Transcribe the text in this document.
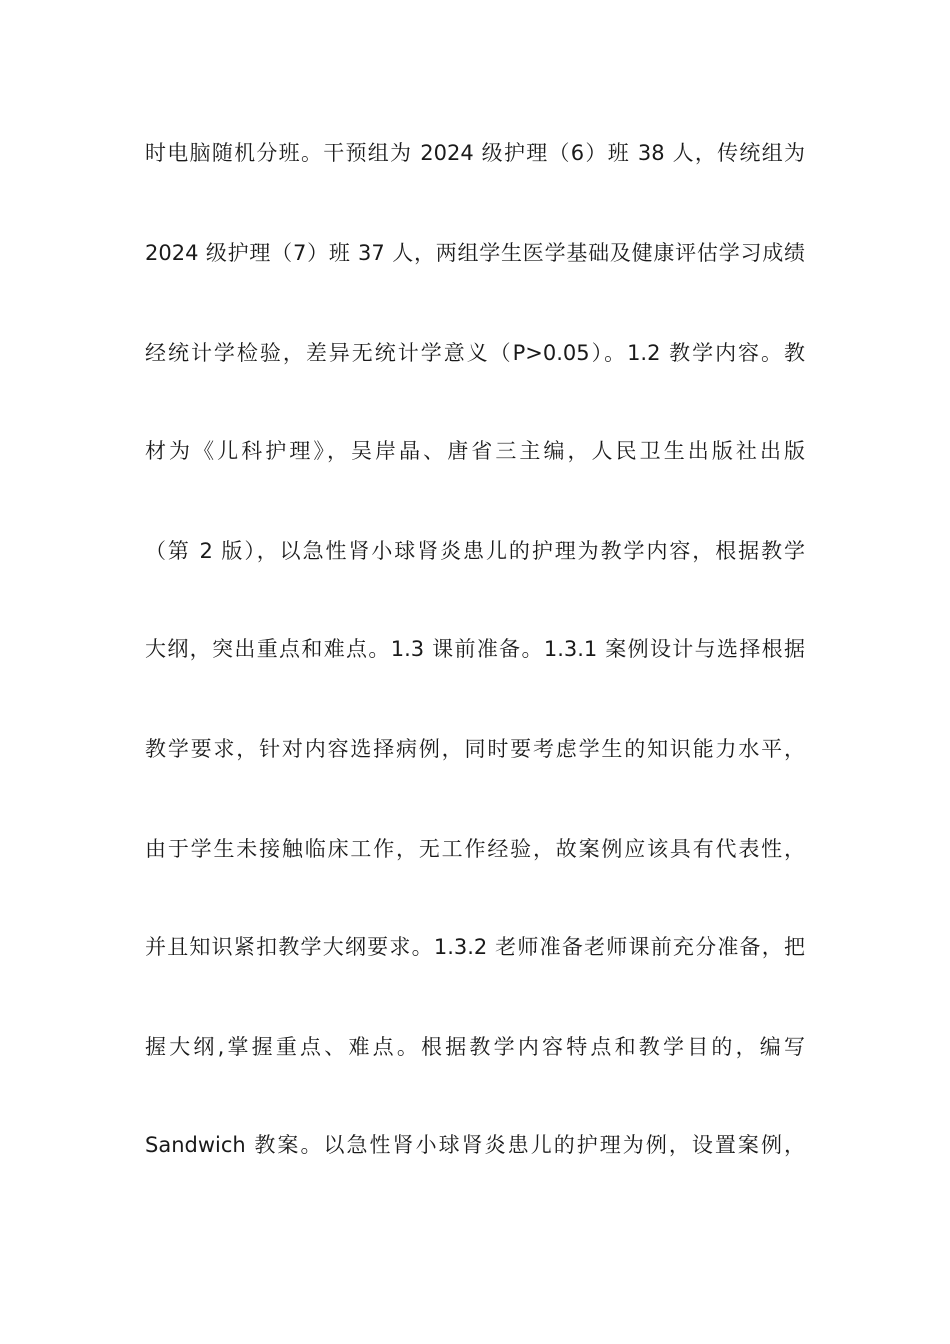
时电脑随机分班。干预组为 2024 级护理（6）班 38 人，传统组为
2024 级护理（7）班 37 人，两组学生医学基础及健康评估学习成绩
经统计学检验，差异无统计学意义（P>0.05）。1.2 教学内容。教
材为《儿科护理》，吴岸晶、唐省三主编，人民卫生出版社出版
（第 2 版），以急性肾小球肾炎患儿的护理为教学内容，根据教学
大纲，突出重点和难点。1.3 课前准备。1.3.1 案例设计与选择根据
教学要求，针对内容选择病例，同时要考虑学生的知识能力水平，
由于学生未接触临床工作，无工作经验，故案例应该具有代表性，
并且知识紧扣教学大纲要求。1.3.2 老师准备老师课前充分准备，把
握大纲,掌握重点、难点。根据教学内容特点和教学目的，编写
Sandwich 教案。以急性肾小球肾炎患儿的护理为例，设置案例，
